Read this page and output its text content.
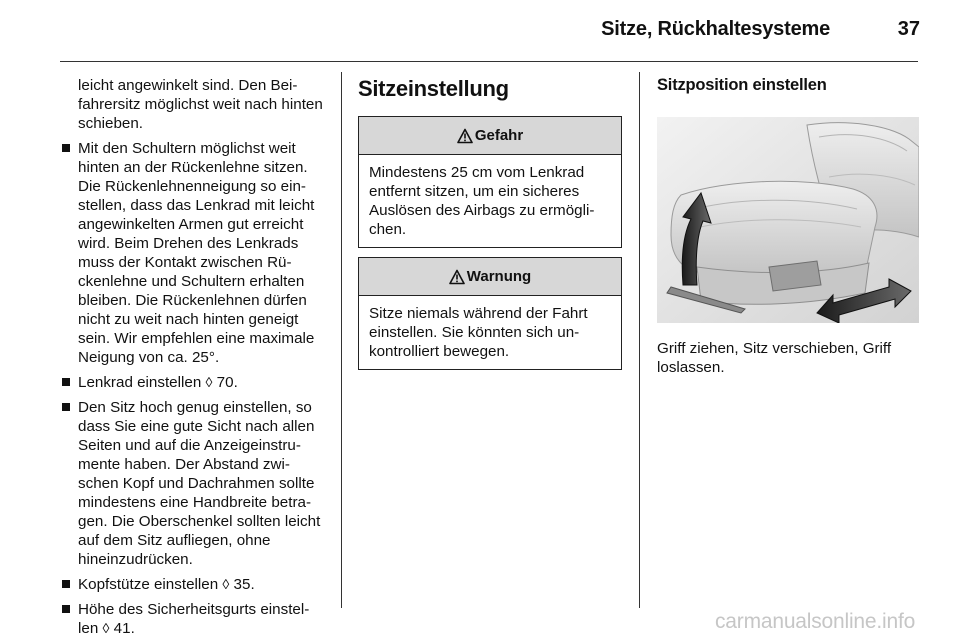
Sitze, Rückhaltesysteme	37

leicht angewinkelt sind. Den Bei-fahrersitz möglichst weit nach hinten schieben.

Mit den Schultern möglichst weit hinten an der Rückenlehne sitzen. Die Rückenlehnenneigung so ein-stellen, dass das Lenkrad mit leicht angewinkelten Armen gut erreicht wird. Beim Drehen des Lenkrads muss der Kontakt zwischen Rü-ckenlehne und Schultern erhalten bleiben. Die Rückenlehnen dürfen nicht zu weit nach hinten geneigt sein. Wir empfehlen eine maximale Neigung von ca. 25°.
Lenkrad einstellen ◊ 70.
Den Sitz hoch genug einstellen, so dass Sie eine gute Sicht nach allen Seiten und auf die Anzeigeinstru-mente haben. Der Abstand zwi-schen Kopf und Dachrahmen sollte mindestens eine Handbreite betra-gen. Die Oberschenkel sollten leicht auf dem Sitz aufliegen, ohne hineinzudrücken.
Kopfstütze einstellen ◊ 35.
Höhe des Sicherheitsgurts einstel-len ◊ 41.
Sitzeinstellung
Gefahr
Mindestens 25 cm vom Lenkrad entfernt sitzen, um ein sicheres Auslösen des Airbags zu ermögli-chen.
Warnung
Sitze niemals während der Fahrt einstellen. Sie könnten sich un-kontrolliert bewegen.
Sitzposition einstellen
Griff ziehen, Sitz verschieben, Griff loslassen.
carmanualsonline.info
